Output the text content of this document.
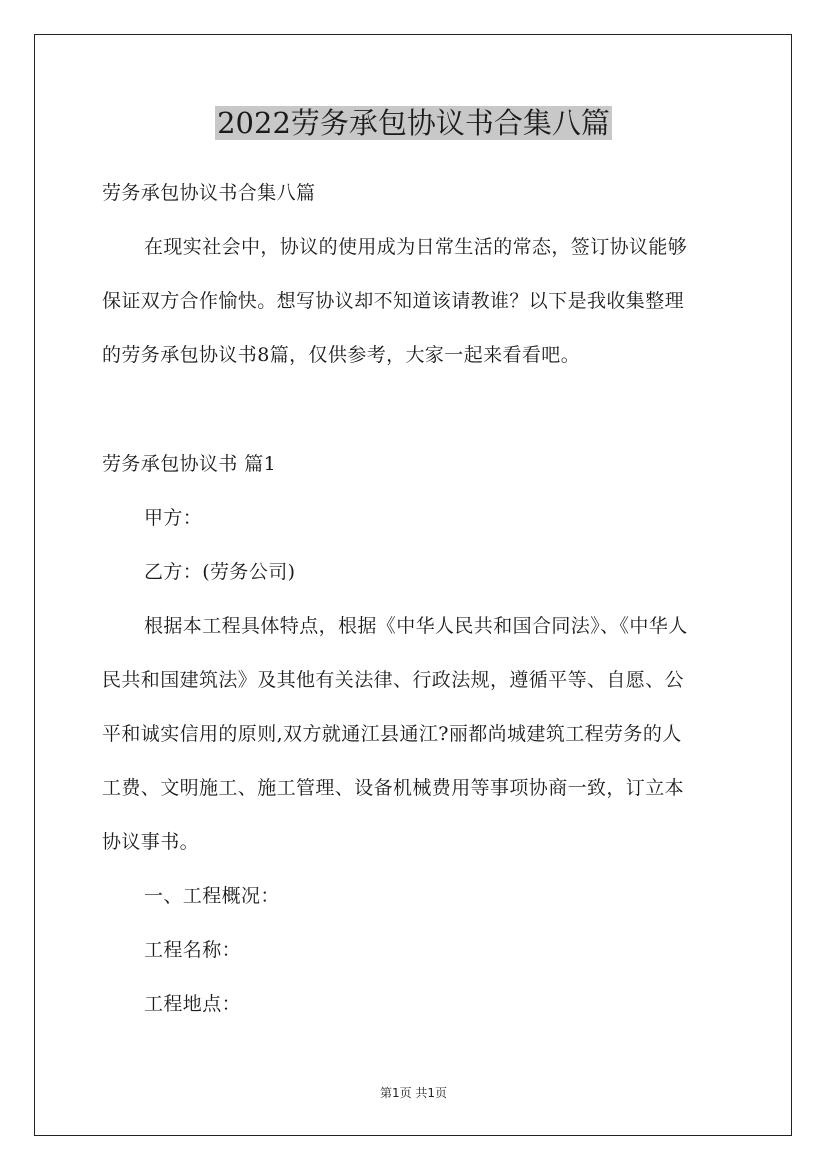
2022劳务承包协议书合集八篇

劳务承包协议书合集八篇

在现实社会中，协议的使用成为日常生活的常态，签订协议能够

保证双方合作愉快。想写协议却不知道该请教谁？以下是我收集整理

的劳务承包协议书8篇，仅供参考，大家一起来看看吧。

劳务承包协议书 篇1

甲方：

乙方：(劳务公司)

根据本工程具体特点，根据《中华人民共和国合同法》、《中华人

民共和国建筑法》及其他有关法律、行政法规，遵循平等、自愿、公

平和诚实信用的原则,双方就通江县通江?丽都尚城建筑工程劳务的人

工费、文明施工、施工管理、设备机械费用等事项协商一致，订立本

协议事书。

一、工程概况：

工程名称：

工程地点：

第1页 共1页
